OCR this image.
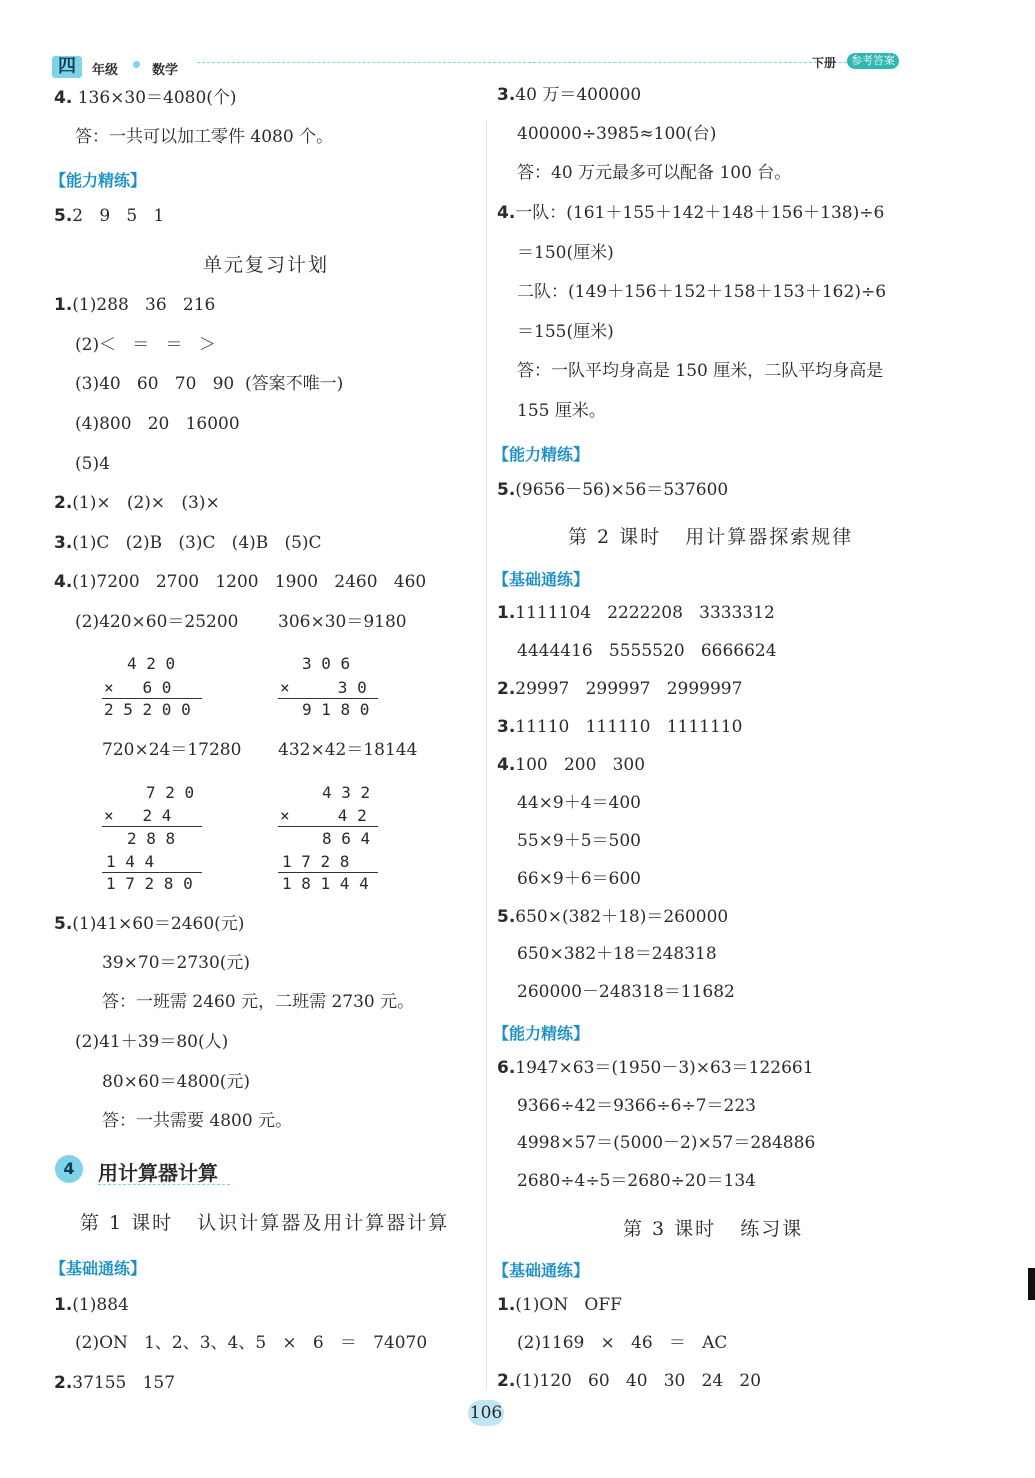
四	年级	数学	下册	参考答案
4. 136×30＝4080(个)
答：一共可以加工零件 4080 个。
【能力精练】
5.2   9   5   1
单元复习计划
1.(1)288   36   216
(2)＜   ＝   ＝   ＞
(3)40   60   70   90  (答案不唯一)
(4)800   20   16000
(5)4
2.(1)×   (2)×   (3)×
3.(1)C   (2)B   (3)C   (4)B   (5)C
4.(1)7200   2700   1200   1900   2460   460
(2)420×60＝25200 306×30＝9180
4 2 0
×   6 0
2 5 2 0 0
3 0 6
×     3 0
9 1 8 0
720×24＝17280 432×42＝18144
7 2 0
×   2 4
2 8 8
1 4 4
1 7 2 8 0
4 3 2
×     4 2
8 6 4
1 7 2 8
1 8 1 4 4
5.(1)41×60＝2460(元)
39×70＝2730(元)
答：一班需 2460 元，二班需 2730 元。
(2)41＋39＝80(人)
80×60＝4800(元)
答：一共需要 4800 元。
4	用计算器计算
第 1 课时   认识计算器及用计算器计算
【基础通练】
1.(1)884
(2)ON   1、2、3、4、5   ×   6   ＝   74070
2.37155   157
3.40 万＝400000
400000÷3985≈100(台)
答：40 万元最多可以配备 100 台。
4.一队：(161＋155＋142＋148＋156＋138)÷6
＝150(厘米)
二队：(149＋156＋152＋158＋153＋162)÷6
＝155(厘米)
答：一队平均身高是 150 厘米，二队平均身高是
155 厘米。
【能力精练】
5.(9656－56)×56＝537600
第 2 课时   用计算器探索规律
【基础通练】
1.1111104   2222208   3333312
4444416   5555520   6666624
2.29997   299997   2999997
3.11110   111110   1111110
4.100   200   300
44×9＋4＝400
55×9＋5＝500
66×9＋6＝600
5.650×(382＋18)＝260000
650×382＋18＝248318
260000－248318＝11682
【能力精练】
6.1947×63＝(1950－3)×63＝122661
9366÷42＝9366÷6÷7＝223
4998×57＝(5000－2)×57＝284886
2680÷4÷5＝2680÷20＝134
第 3 课时   练习课
【基础通练】
1.(1)ON   OFF
(2)1169   ×   46   ＝   AC
2.(1)120   60   40   30   24   20
106
